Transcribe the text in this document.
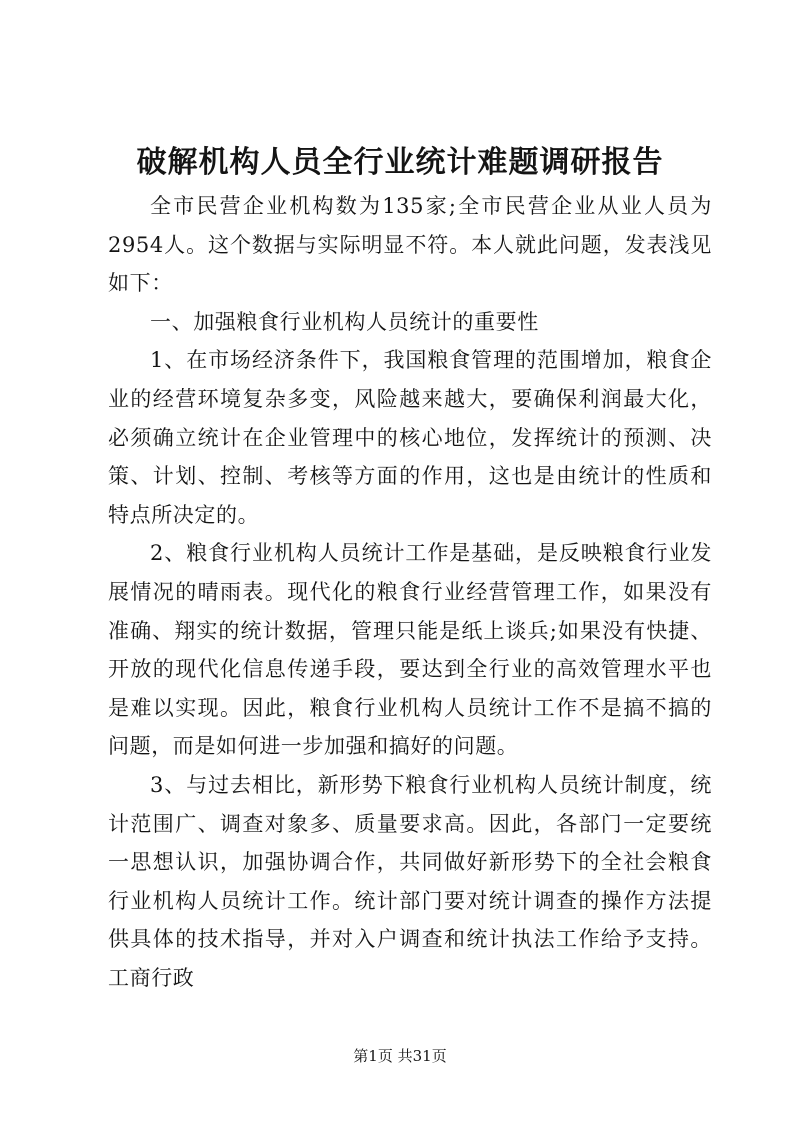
破解机构人员全行业统计难题调研报告

全市民营企业机构数为135家;全市民营企业从业人员为2954人。这个数据与实际明显不符。本人就此问题，发表浅见如下：

一、加强粮食行业机构人员统计的重要性

1、在市场经济条件下，我国粮食管理的范围增加，粮食企业的经营环境复杂多变，风险越来越大，要确保利润最大化，必须确立统计在企业管理中的核心地位，发挥统计的预测、决策、计划、控制、考核等方面的作用，这也是由统计的性质和特点所决定的。

2、粮食行业机构人员统计工作是基础，是反映粮食行业发展情况的晴雨表。现代化的粮食行业经营管理工作，如果没有准确、翔实的统计数据，管理只能是纸上谈兵;如果没有快捷、开放的现代化信息传递手段，要达到全行业的高效管理水平也是难以实现。因此，粮食行业机构人员统计工作不是搞不搞的问题，而是如何进一步加强和搞好的问题。

3、与过去相比，新形势下粮食行业机构人员统计制度，统计范围广、调查对象多、质量要求高。因此，各部门一定要统一思想认识，加强协调合作，共同做好新形势下的全社会粮食行业机构人员统计工作。统计部门要对统计调查的操作方法提供具体的技术指导，并对入户调查和统计执法工作给予支持。工商行政

第1页 共31页
